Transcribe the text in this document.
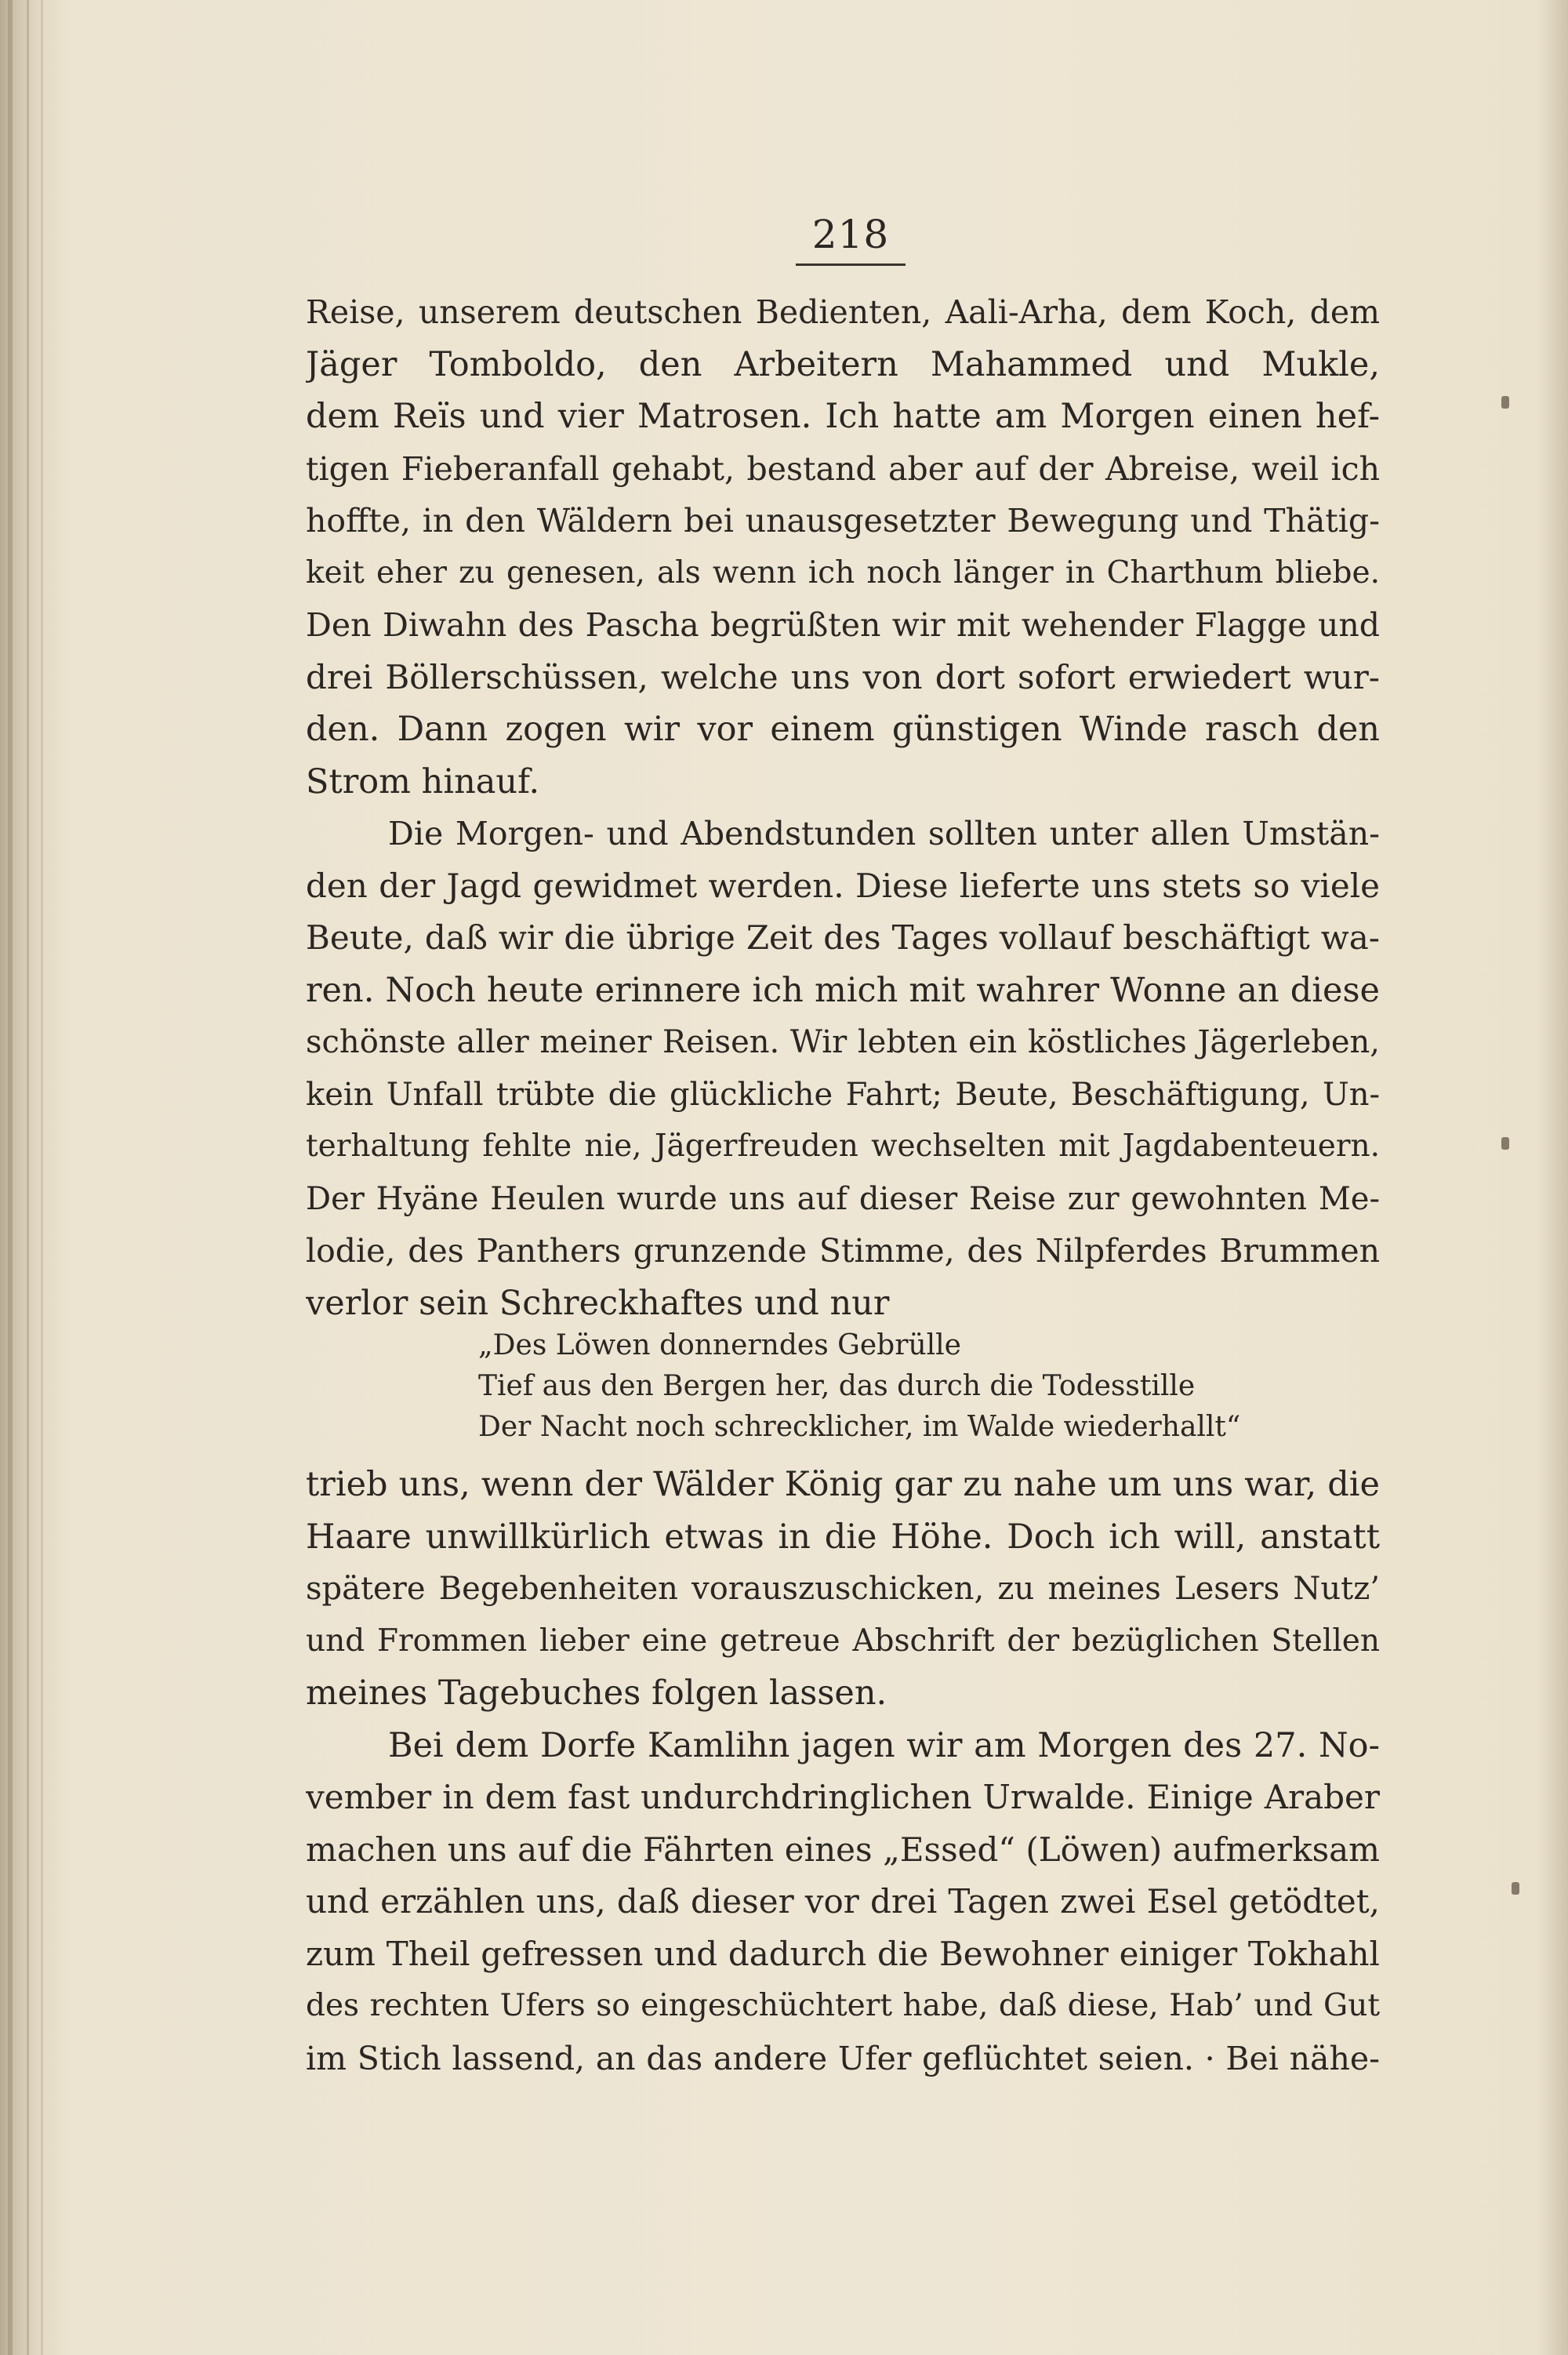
218
Reise, unserem deutschen Bedienten, Aali-Arha, dem Koch, dem
Jäger Tomboldo, den Arbeitern Mahammed und Mukle,
dem Reïs und vier Matrosen. Ich hatte am Morgen einen hef-
tigen Fieberanfall gehabt, bestand aber auf der Abreise, weil ich
hoffte, in den Wäldern bei unausgesetzter Bewegung und Thätig-
keit eher zu genesen, als wenn ich noch länger in Charthum bliebe.
Den Diwahn des Pascha begrüßten wir mit wehender Flagge und
drei Böllerschüssen, welche uns von dort sofort erwiedert wur-
den. Dann zogen wir vor einem günstigen Winde rasch den
Strom hinauf.
Die Morgen- und Abendstunden sollten unter allen Umstän-
den der Jagd gewidmet werden. Diese lieferte uns stets so viele
Beute, daß wir die übrige Zeit des Tages vollauf beschäftigt wa-
ren. Noch heute erinnere ich mich mit wahrer Wonne an diese
schönste aller meiner Reisen. Wir lebten ein köstliches Jägerleben,
kein Unfall trübte die glückliche Fahrt; Beute, Beschäftigung, Un-
terhaltung fehlte nie, Jägerfreuden wechselten mit Jagdabenteuern.
Der Hyäne Heulen wurde uns auf dieser Reise zur gewohnten Me-
lodie, des Panthers grunzende Stimme, des Nilpferdes Brummen
verlor sein Schreckhaftes und nur
„Des Löwen donnerndes Gebrülle
Tief aus den Bergen her, das durch die Todesstille
Der Nacht noch schrecklicher, im Walde wiederhallt“
trieb uns, wenn der Wälder König gar zu nahe um uns war, die
Haare unwillkürlich etwas in die Höhe. Doch ich will, anstatt
spätere Begebenheiten vorauszuschicken, zu meines Lesers Nutz’
und Frommen lieber eine getreue Abschrift der bezüglichen Stellen
meines Tagebuches folgen lassen.
Bei dem Dorfe Kamlihn jagen wir am Morgen des 27. No-
vember in dem fast undurchdringlichen Urwalde. Einige Araber
machen uns auf die Fährten eines „Essed“ (Löwen) aufmerksam
und erzählen uns, daß dieser vor drei Tagen zwei Esel getödtet,
zum Theil gefressen und dadurch die Bewohner einiger Tokhahl
des rechten Ufers so eingeschüchtert habe, daß diese, Hab’ und Gut
im Stich lassend, an das andere Ufer geflüchtet seien. · Bei nähe-
